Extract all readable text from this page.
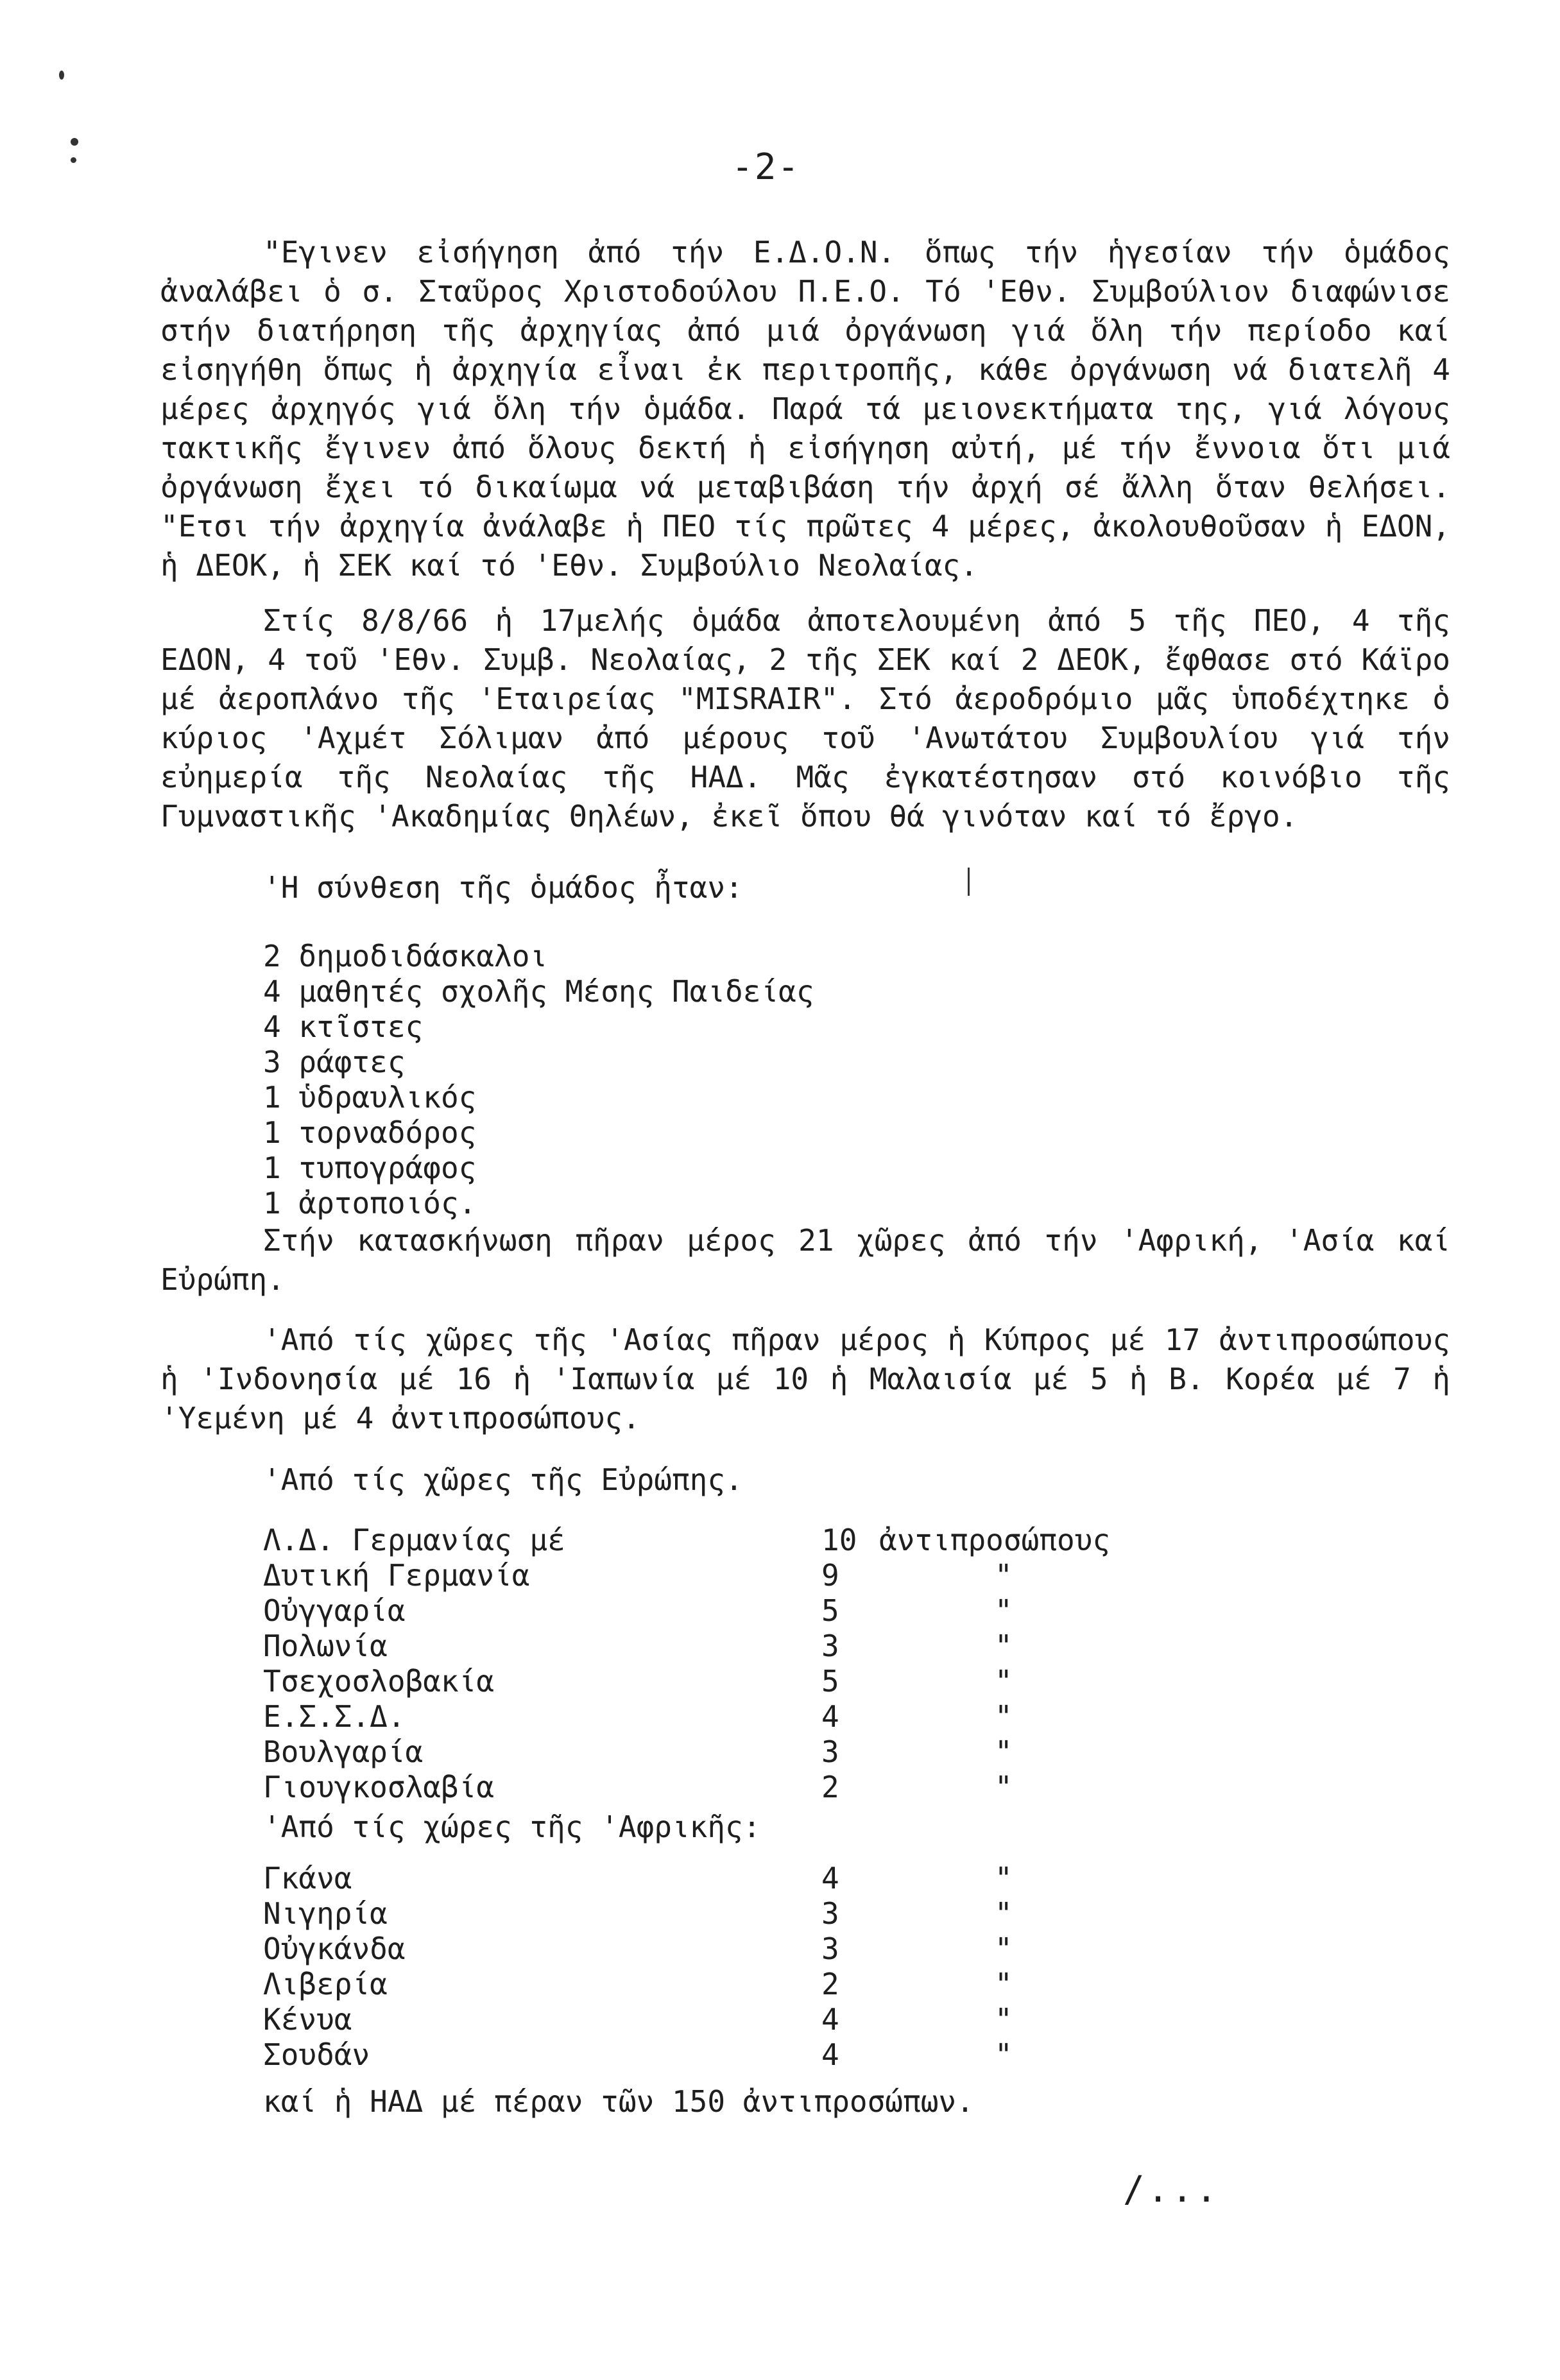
-2-

"Εγινεν εἰσήγηση ἀπό τήν Ε.Δ.Ο.Ν. ὅπως τήν ἡγεσίαν τήν ὁμάδος ἀναλάβει ὁ σ. Σταῦρος Χριστοδούλου Π.Ε.Ο. Τό 'Εθν. Συμβούλιον διαφώνισε στήν διατήρηση τῆς ἀρχηγίας ἀπό μιά ὀργάνωση γιά ὅλη τήν περίοδο καί εἰσηγήθη ὅπως ἡ ἀρχηγία εἶναι ἐκ περιτροπῆς, κάθε ὀργάνωση νά διατελῆ 4 μέρες ἀρχηγός γιά ὅλη τήν ὁμάδα. Παρά τά μειονεκτήματα της, γιά λόγους τακτικῆς ἔγινεν ἀπό ὅλους δεκτή ἡ εἰσήγηση αὐτή, μέ τήν ἔννοια ὅτι μιά ὀργάνωση ἔχει τό δικαίωμα νά μεταβιβάση τήν ἀρχή σέ ἄλλη ὅταν θελήσει. "Ετσι τήν ἀρχηγία ἀνάλαβε ἡ ΠΕΟ τίς πρῶτες 4 μέρες, ἀκολουθοῦσαν ἡ ΕΔΟΝ, ἡ ΔΕΟΚ, ἡ ΣΕΚ καί τό 'Εθν. Συμβούλιο Νεολαίας.

Στίς 8/8/66 ἡ 17μελής ὁμάδα ἀποτελουμένη ἀπό 5 τῆς ΠΕΟ, 4 τῆς ΕΔΟΝ, 4 τοῦ 'Εθν. Συμβ. Νεολαίας, 2 τῆς ΣΕΚ καί 2 ΔΕΟΚ, ἔφθασε στό Κάϊρο μέ ἀεροπλάνο τῆς 'Εταιρείας "MISRAIR". Στό ἀεροδρόμιο μᾶς ὑποδέχτηκε ὁ κύριος 'Αχμέτ Σόλιμαν ἀπό μέρους τοῦ 'Ανωτάτου Συμβουλίου γιά τήν εὐημερία τῆς Νεολαίας τῆς ΗΑΔ. Μᾶς ἐγκατέστησαν στό κοινόβιο τῆς Γυμναστικῆς 'Ακαδημίας Θηλέων, ἐκεῖ ὅπου θά γινόταν καί τό ἔργο.

'Η σύνθεση τῆς ὁμάδος ἦταν:

2 δημοδιδάσκαλοι
4 μαθητές σχολῆς Μέσης Παιδείας
4 κτῖστες
3 ράφτες
1 ὑδραυλικός
1 τορναδόρος
1 τυπογράφος
1 ἀρτοποιός.

Στήν κατασκήνωση πῆραν μέρος 21 χῶρες ἀπό τήν 'Αφρική, 'Ασία καί Εὐρώπη.

'Από τίς χῶρες τῆς 'Ασίας πῆραν μέρος ἡ Κύπρος μέ 17 ἀντιπροσώπους ἡ 'Ινδονησία μέ 16 ἡ 'Ιαπωνία μέ 10 ἡ Μαλαισία μέ 5 ἡ Β. Κορέα μέ 7 ἡ 'Υεμένη μέ 4 ἀντιπροσώπους.

'Από τίς χῶρες τῆς Εὐρώπης.

Λ.Δ. Γερμανίας μέ	10	ἀντιπροσώπους
Δυτική Γερμανία	9	"
Οὐγγαρία	5	"
Πολωνία	3	"
Τσεχοσλοβακία	5	"
Ε.Σ.Σ.Δ.	4	"
Βουλγαρία	3	"
Γιουγκοσλαβία	2	"

'Από τίς χώρες τῆς 'Αφρικῆς:

Γκάνα	4	"
Νιγηρία	3	"
Οὐγκάνδα	3	"
Λιβερία	2	"
Κένυα	4	"
Σουδάν	4	"

καί ἡ ΗΑΔ μέ πέραν τῶν 150 ἀντιπροσώπων.

/...
